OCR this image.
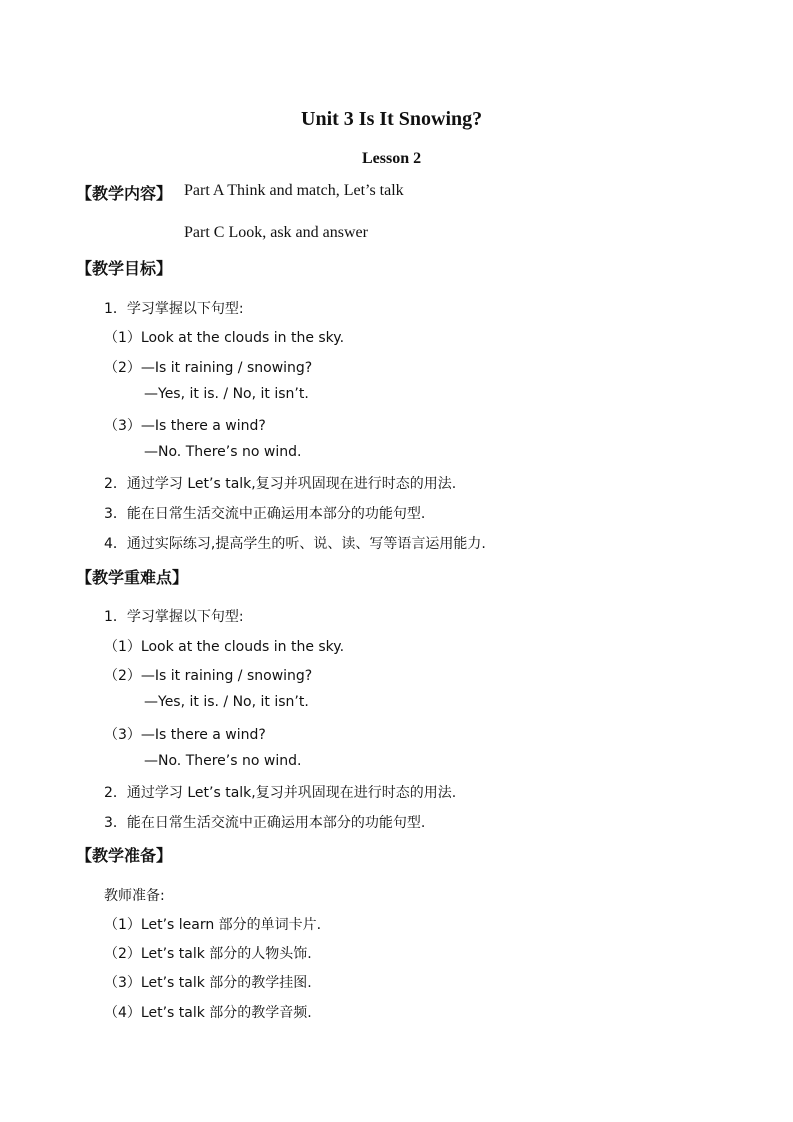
Unit 3 Is It Snowing?
Lesson 2
【教学内容】 Part A Think and match, Let’s talk
Part C Look, ask and answer
【教学目标】
1．学习掌握以下句型:
（1）Look at the clouds in the sky.
（2）—Is it raining / snowing?
—Yes, it is. / No, it isn’t.
（3）—Is there a wind?
—No. There’s no wind.
2．通过学习 Let’s talk,复习并巩固现在进行时态的用法.
3．能在日常生活交流中正确运用本部分的功能句型.
4．通过实际练习,提高学生的听、说、读、写等语言运用能力.
【教学重难点】
1．学习掌握以下句型:
（1）Look at the clouds in the sky.
（2）—Is it raining / snowing?
—Yes, it is. / No, it isn’t.
（3）—Is there a wind?
—No. There’s no wind.
2．通过学习 Let’s talk,复习并巩固现在进行时态的用法.
3．能在日常生活交流中正确运用本部分的功能句型.
【教学准备】
教师准备:
（1）Let’s learn 部分的单词卡片.
（2）Let’s talk 部分的人物头饰.
（3）Let’s talk 部分的教学挂图.
（4）Let’s talk 部分的教学音频.
